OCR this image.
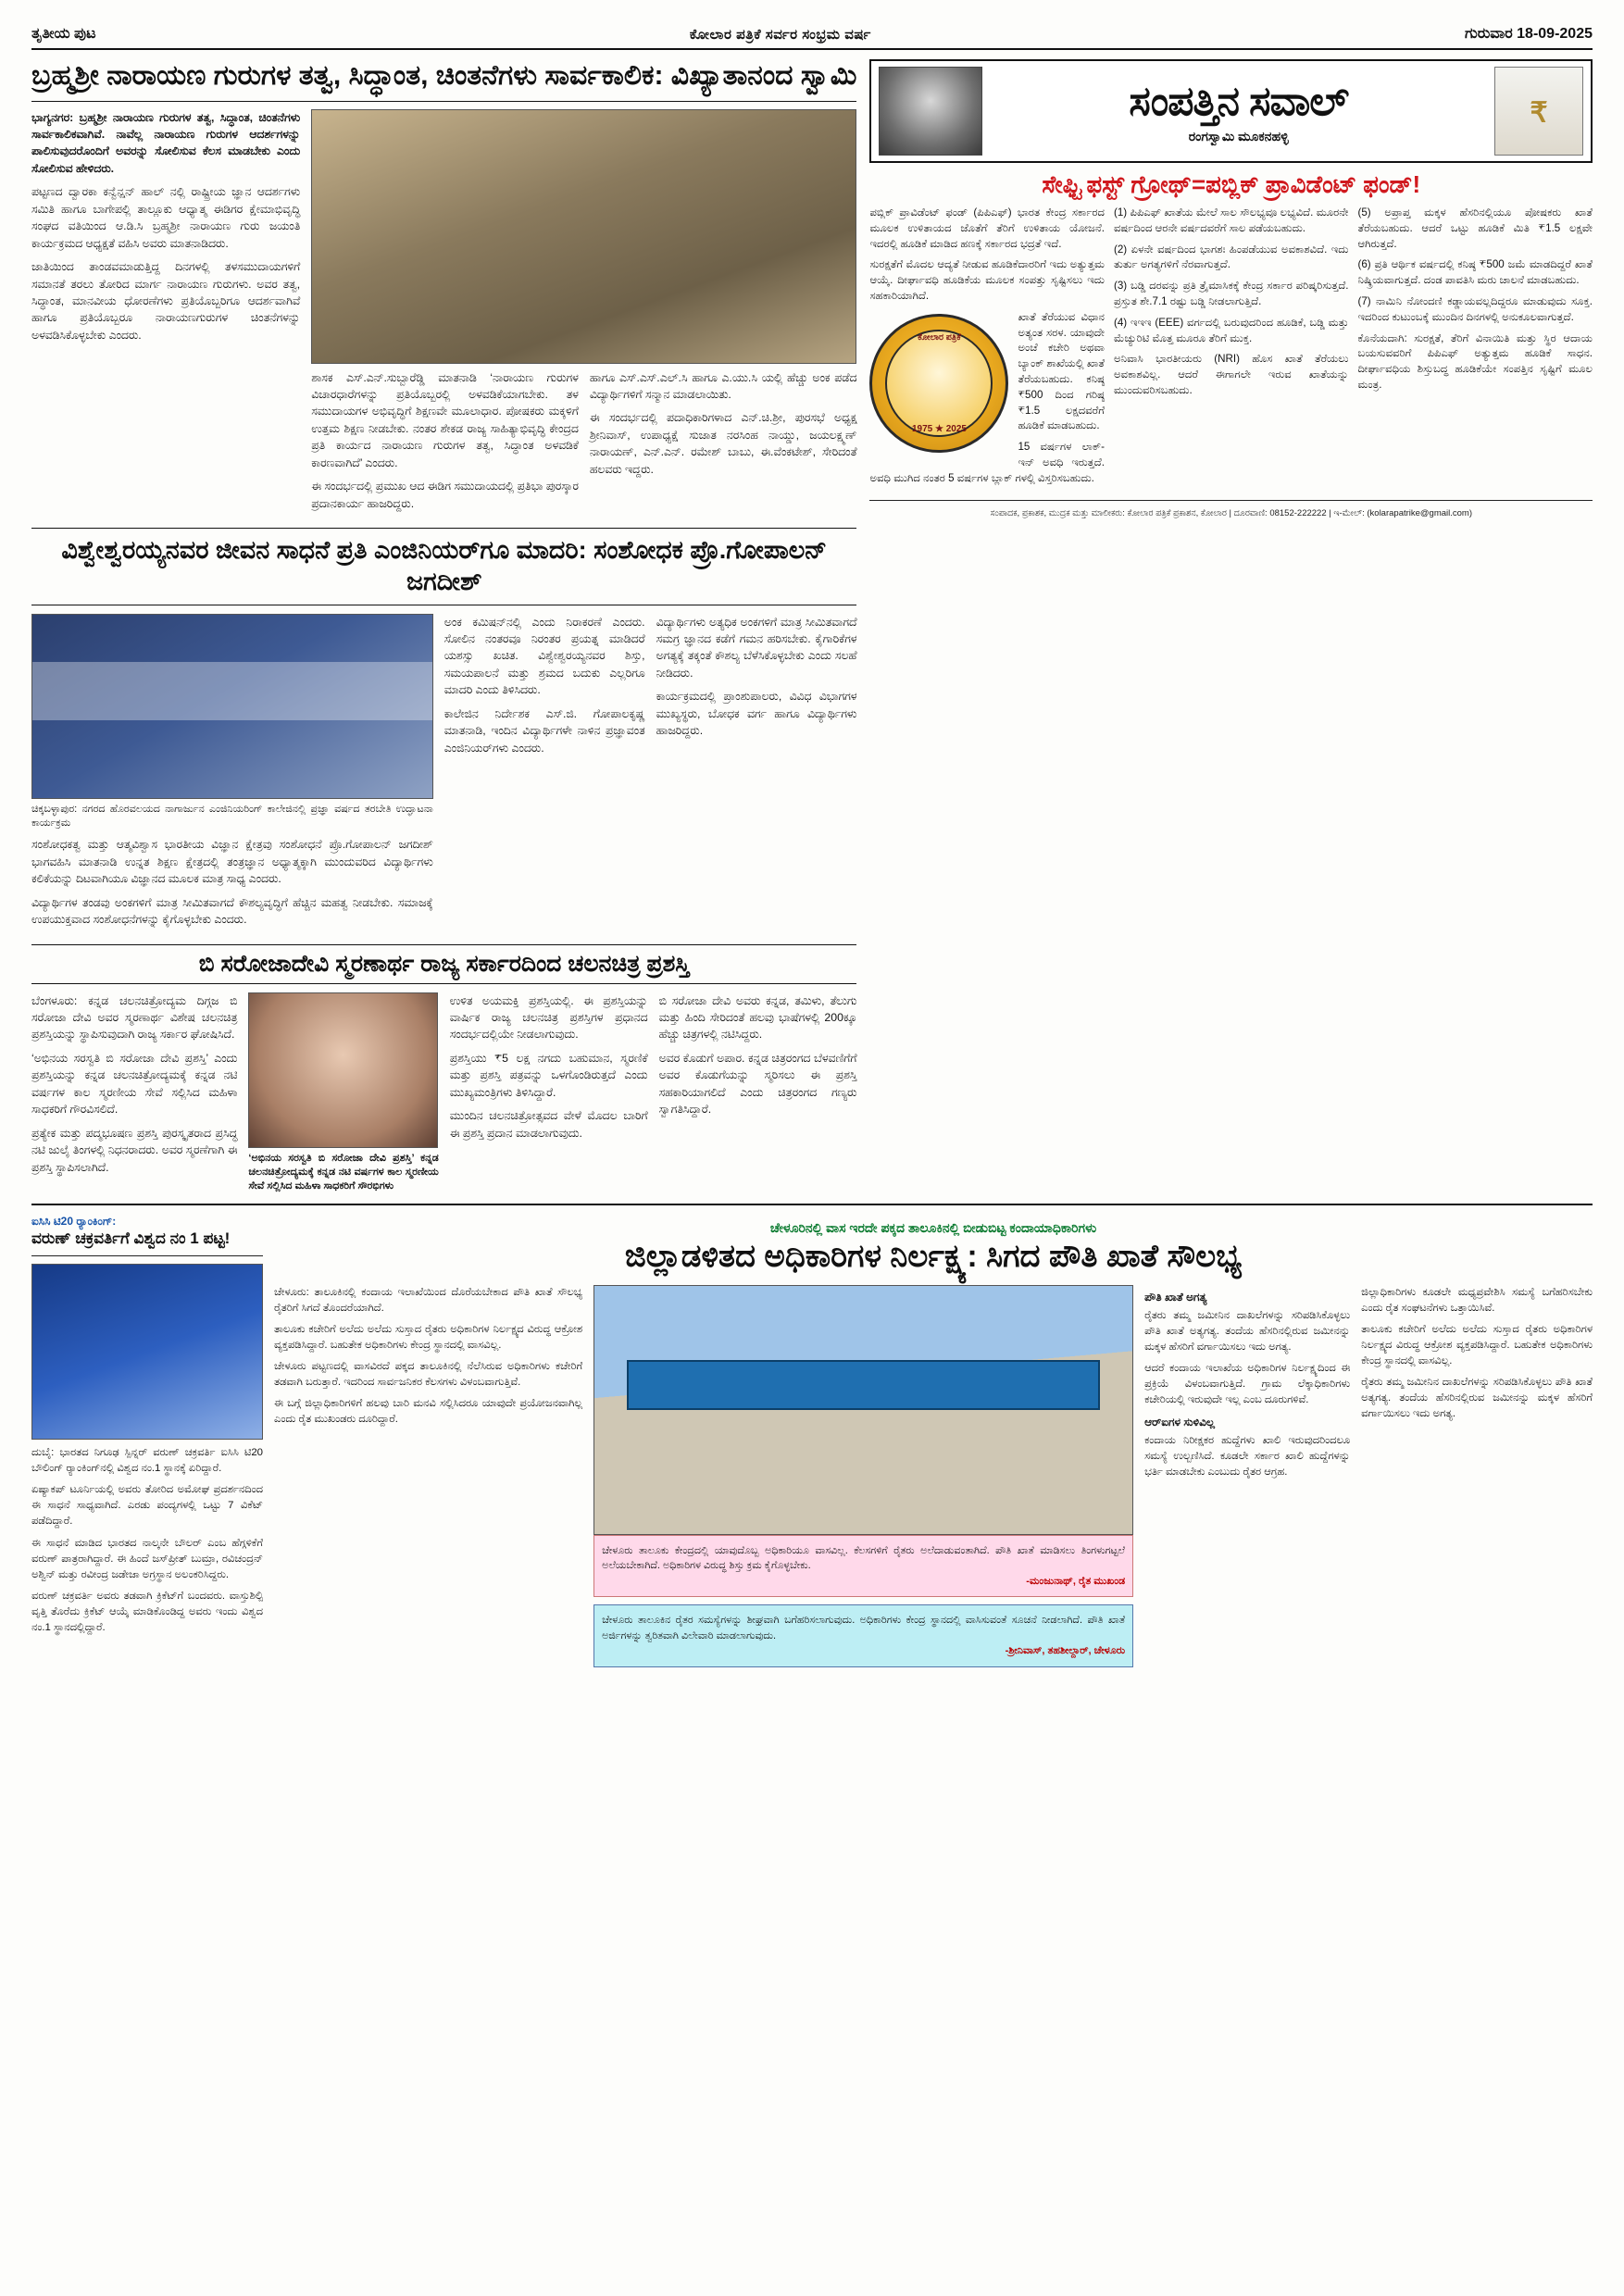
ತೃತೀಯ ಪುಟ	ಕೋಲಾರ ಪತ್ರಿಕೆ ಸರ್ವರ ಸಂಭ್ರಮ ವರ್ಷ	ಗುರುವಾರ 18-09-2025
ಬ್ರಹ್ಮಶ್ರೀ ನಾರಾಯಣ ಗುರುಗಳ ತತ್ವ, ಸಿದ್ಧಾಂತ, ಚಿಂತನೆಗಳು ಸಾರ್ವಕಾಲಿಕ: ವಿಖ್ಯಾತಾನಂದ ಸ್ವಾಮಿ

ಭಾಗ್ಯನಗರ: ಬ್ರಹ್ಮಶ್ರೀ ನಾರಾಯಣ ಗುರುಗಳ ತತ್ವ, ಸಿದ್ಧಾಂತ, ಚಿಂತನೆಗಳು ಸಾರ್ವಕಾಲಿಕವಾಗಿವೆ. ನಾವೆಲ್ಲ ನಾರಾಯಣ ಗುರುಗಳ ಆದರ್ಶಗಳನ್ನು ಪಾಲಿಸುವುದರೊಂದಿಗೆ ಅವರನ್ನು ಸೋಲಿಸುವ ಕೆಲಸ ಮಾಡಬೇಕು ಎಂದು ಸೋಲಿಸುವ ಹೇಳಿದರು.

ಪಟ್ಟಣದ ದ್ವಾರಕಾ ಕನ್ವೆನ್ಷನ್ ಹಾಲ್ ನಲ್ಲಿ ರಾಷ್ಟ್ರೀಯ ಜ್ಞಾನ ಆದರ್ಶಗಳು ಸಮಿತಿ ಹಾಗೂ ಬಾಗೇಪಲ್ಲಿ ತಾಲ್ಲೂಕು ಆಧ್ಯಾತ್ಮ ಈಡಿಗರ ಕ್ಷೇಮಾಭಿವೃದ್ಧಿ ಸಂಘದ ವತಿಯಿಂದ ಆ.ಡಿ.ಸಿ ಬ್ರಹ್ಮಶ್ರೀ ನಾರಾಯಣ ಗುರು ಜಯಂತಿ ಕಾರ್ಯಕ್ರಮದ ಆಧ್ಯಕ್ಷತೆ ವಹಿಸಿ ಅವರು ಮಾತನಾಡಿದರು.

ಜಾತಿಯಿಂದ ತಾಂಡವಮಾಡುತ್ತಿದ್ದ ದಿನಗಳಲ್ಲಿ ತಳಸಮುದಾಯಗಳಿಗೆ ಸಮಾನತೆ ತರಲು ತೋರಿದ ಮಾರ್ಗ ನಾರಾಯಣ ಗುರುಗಳು. ಅವರ ತತ್ವ, ಸಿದ್ಧಾಂತ, ಮಾನವೀಯ ಧೋರಣೆಗಳು ಪ್ರತಿಯೊಬ್ಬರಿಗೂ ಆದರ್ಶವಾಗಿವೆ ಹಾಗೂ ಪ್ರತಿಯೊಬ್ಬರೂ ನಾರಾಯಣಗುರುಗಳ ಚಿಂತನೆಗಳನ್ನು ಅಳವಡಿಸಿಕೊಳ್ಳಬೇಕು ಎಂದರು.

ಶಾಸಕ ಎಸ್.ಎನ್.ಸುಬ್ಬಾರೆಡ್ಡಿ ಮಾತನಾಡಿ ‘ನಾರಾಯಣ ಗುರುಗಳ ವಿಚಾರಧಾರೆಗಳನ್ನು ಪ್ರತಿಯೊಬ್ಬರಲ್ಲಿ ಅಳವಡಿಕೆಯಾಗಬೇಕು. ತಳ ಸಮುದಾಯಗಳ ಅಭಿವೃದ್ಧಿಗೆ ಶಿಕ್ಷಣವೇ ಮೂಲಾಧಾರ. ಪೋಷಕರು ಮಕ್ಕಳಿಗೆ ಉತ್ತಮ ಶಿಕ್ಷಣ ನೀಡಬೇಕು. ನಂತರ ಶೇಕಡ ರಾಜ್ಯ ಸಾಹಿತ್ಯಾಭಿವೃದ್ಧಿ ಕೇಂದ್ರದ ಪ್ರತಿ ಕಾರ್ಯದ ನಾರಾಯಣ ಗುರುಗಳ ತತ್ವ, ಸಿದ್ಧಾಂತ ಅಳವಡಿಕೆ ಕಾರಣವಾಗಿದೆ’ ಎಂದರು.

ಈ ಸಂದರ್ಭದಲ್ಲಿ ಪ್ರಮುಖ ಆದ ಈಡಿಗ ಸಮುದಾಯದಲ್ಲಿ ಪ್ರತಿಭಾ ಪುರಸ್ಕಾರ ಪ್ರದಾನಕಾರ್ಯ ಹಾಜರಿದ್ದರು.

ಹಾಗೂ ಎಸ್.ಎಸ್.ಎಲ್.ಸಿ ಹಾಗೂ ಎ.ಯು.ಸಿ ಯಲ್ಲಿ ಹೆಚ್ಚು ಅಂಕ ಪಡೆದ ವಿದ್ಯಾರ್ಥಿಗಳಿಗೆ ಸನ್ಮಾನ ಮಾಡಲಾಯಿತು.

ಈ ಸಂದರ್ಭದಲ್ಲಿ ಪದಾಧಿಕಾರಿಗಳಾದ ಎನ್.ಚಿ.ಶ್ರೀ, ಪುರಸಭೆ ಅಧ್ಯಕ್ಷ ಶ್ರೀನಿವಾಸ್, ಉಪಾಧ್ಯಕ್ಷೆ ಸುಜಾತ ನರಸಿಂಹ ನಾಯ್ಡು, ಜಯಲಕ್ಷ್ಮಣ್ ನಾರಾಯಣ್, ಎನ್.ಎನ್. ರಮೇಶ್ ಬಾಬು, ಈ.ವೆಂಕಟೇಶ್, ಸೇರಿದಂತೆ ಹಲವರು ಇದ್ದರು.

ವಿಶ್ವೇಶ್ವರಯ್ಯನವರ ಜೀವನ ಸಾಧನೆ ಪ್ರತಿ ಎಂಜಿನಿಯರ್‌ಗೂ ಮಾದರಿ: ಸಂಶೋಧಕ ಪ್ರೊ.ಗೋಪಾಲನ್ ಜಗದೀಶ್
ಚಿಕ್ಕಬಳ್ಳಾಪುರ: ನಗರದ ಹೊರವಲಯದ ನಾಗಾರ್ಜುನ ಎಂಜಿನಿಯರಿಂಗ್ ಕಾಲೇಜಿನಲ್ಲಿ ಪ್ರಜ್ಞಾ ವರ್ಷದ ತರಬೇತಿ ಉದ್ಘಾಟನಾ ಕಾರ್ಯಕ್ರಮ

ಸಂಶೋಧಕತ್ವ ಮತ್ತು ಆತ್ಮವಿಶ್ವಾಸ ಭಾರತೀಯ ವಿಜ್ಞಾನ ಕ್ಷೇತ್ರವು ಸಂಶೋಧನೆ ಪ್ರೊ.ಗೋಪಾಲನ್ ಜಗದೀಶ್ ಭಾಗವಹಿಸಿ ಮಾತನಾಡಿ ಉನ್ನತ ಶಿಕ್ಷಣ ಕ್ಷೇತ್ರದಲ್ಲಿ ತಂತ್ರಜ್ಞಾನ ಅಧ್ಯಾತ್ಮಕ್ಕಾಗಿ ಮುಂದುವರಿದ ವಿದ್ಯಾರ್ಥಿಗಳು ಕಲಿಕೆಯನ್ನು ದಿಟವಾಗಿಯೂ ವಿಜ್ಞಾನದ ಮೂಲಕ ಮಾತ್ರ ಸಾಧ್ಯ ಎಂದರು.

ವಿದ್ಯಾರ್ಥಿಗಳ ತಂಡವು ಅಂಕಗಳಿಗೆ ಮಾತ್ರ ಸೀಮಿತವಾಗದೆ ಕೌಶಲ್ಯವೃದ್ಧಿಗೆ ಹೆಚ್ಚಿನ ಮಹತ್ವ ನೀಡಬೇಕು. ಸಮಾಜಕ್ಕೆ ಉಪಯುಕ್ತವಾದ ಸಂಶೋಧನೆಗಳನ್ನು ಕೈಗೊಳ್ಳಬೇಕು ಎಂದರು.

ಅಂಕ ಕಮಿಷನ್‌ನಲ್ಲಿ ಎಂದು ನಿರಾಕರಣೆ ಎಂದರು. ಸೋಲಿನ ನಂತರವೂ ನಿರಂತರ ಪ್ರಯತ್ನ ಮಾಡಿದರೆ ಯಶಸ್ಸು ಖಚಿತ. ವಿಶ್ವೇಶ್ವರಯ್ಯನವರ ಶಿಸ್ತು, ಸಮಯಪಾಲನೆ ಮತ್ತು ಶ್ರಮದ ಬದುಕು ಎಲ್ಲರಿಗೂ ಮಾದರಿ ಎಂದು ತಿಳಿಸಿದರು.

ಕಾಲೇಜಿನ ನಿರ್ದೇಶಕ ಎಸ್.ಜಿ. ಗೋಪಾಲಕೃಷ್ಣ ಮಾತನಾಡಿ, ಇಂದಿನ ವಿದ್ಯಾರ್ಥಿಗಳೇ ನಾಳಿನ ಪ್ರಜ್ಞಾವಂತ ಎಂಜಿನಿಯರ್‌ಗಳು ಎಂದರು.

ವಿದ್ಯಾರ್ಥಿಗಳು ಅತ್ಯಧಿಕ ಅಂಕಗಳಿಗೆ ಮಾತ್ರ ಸೀಮಿತವಾಗದೆ ಸಮಗ್ರ ಜ್ಞಾನದ ಕಡೆಗೆ ಗಮನ ಹರಿಸಬೇಕು. ಕೈಗಾರಿಕೆಗಳ ಅಗತ್ಯಕ್ಕೆ ತಕ್ಕಂತೆ ಕೌಶಲ್ಯ ಬೆಳೆಸಿಕೊಳ್ಳಬೇಕು ಎಂದು ಸಲಹೆ ನೀಡಿದರು.

ಕಾರ್ಯಕ್ರಮದಲ್ಲಿ ಪ್ರಾಂಶುಪಾಲರು, ವಿವಿಧ ವಿಭಾಗಗಳ ಮುಖ್ಯಸ್ಥರು, ಬೋಧಕ ವರ್ಗ ಹಾಗೂ ವಿದ್ಯಾರ್ಥಿಗಳು ಹಾಜರಿದ್ದರು.

ಬಿ ಸರೋಜಾದೇವಿ ಸ್ಮರಣಾರ್ಥ ರಾಜ್ಯ ಸರ್ಕಾರದಿಂದ ಚಲನಚಿತ್ರ ಪ್ರಶಸ್ತಿ

ಬೆಂಗಳೂರು: ಕನ್ನಡ ಚಲನಚಿತ್ರೋದ್ಯಮ ದಿಗ್ಗಜ ಬಿ ಸರೋಜಾ ದೇವಿ ಅವರ ಸ್ಮರಣಾರ್ಥ ವಿಶೇಷ ಚಲನಚಿತ್ರ ಪ್ರಶಸ್ತಿಯನ್ನು ಸ್ಥಾಪಿಸುವುದಾಗಿ ರಾಜ್ಯ ಸರ್ಕಾರ ಘೋಷಿಸಿದೆ.

‘ಅಭಿನಯ ಸರಸ್ವತಿ ಬಿ ಸರೋಜಾ ದೇವಿ ಪ್ರಶಸ್ತಿ’ ಎಂದು ಪ್ರಶಸ್ತಿಯನ್ನು ಕನ್ನಡ ಚಲನಚಿತ್ರೋದ್ಯಮಕ್ಕೆ ಕನ್ನಡ ನಟಿ ವರ್ಷಗಳ ಕಾಲ ಸ್ಮರಣೀಯ ಸೇವೆ ಸಲ್ಲಿಸಿದ ಮಹಿಳಾ ಸಾಧಕರಿಗೆ ಗೌರವಿಸಲಿದೆ.

ಪ್ರತ್ಯೇಕ ಮತ್ತು ಪದ್ಮಭೂಷಣ ಪ್ರಶಸ್ತಿ ಪುರಸ್ಕೃತರಾದ ಪ್ರಸಿದ್ಧ ನಟಿ ಜುಲೈ ತಿಂಗಳಲ್ಲಿ ನಿಧನರಾದರು. ಅವರ ಸ್ಮರಣೆಗಾಗಿ ಈ ಪ್ರಶಸ್ತಿ ಸ್ಥಾಪಿಸಲಾಗಿದೆ.

‘ಅಭಿನಯ ಸರಸ್ವತಿ ಬಿ ಸರೋಜಾ ದೇವಿ ಪ್ರಶಸ್ತಿ’ ಕನ್ನಡ ಚಲನಚಿತ್ರೋದ್ಯಮಕ್ಕೆ ಕನ್ನಡ ನಟಿ ವರ್ಷಗಳ ಕಾಲ ಸ್ಮರಣೀಯ ಸೇವೆ ಸಲ್ಲಿಸಿದ ಮಹಿಳಾ ಸಾಧಕರಿಗೆ ಸೌರಭಿಗಳು

ಉಳಿತ ಅಯಮಕ್ತಿ ಪ್ರಶಸ್ತಿಯಲ್ಲಿ. ಈ ಪ್ರಶಸ್ತಿಯನ್ನು ವಾರ್ಷಿಕ ರಾಜ್ಯ ಚಲನಚಿತ್ರ ಪ್ರಶಸ್ತಿಗಳ ಪ್ರಧಾನದ ಸಂದರ್ಭದಲ್ಲಿಯೇ ನೀಡಲಾಗುವುದು.

ಪ್ರಶಸ್ತಿಯು ₹5 ಲಕ್ಷ ನಗದು ಬಹುಮಾನ, ಸ್ಮರಣಿಕೆ ಮತ್ತು ಪ್ರಶಸ್ತಿ ಪತ್ರವನ್ನು ಒಳಗೊಂಡಿರುತ್ತದೆ ಎಂದು ಮುಖ್ಯಮಂತ್ರಿಗಳು ತಿಳಿಸಿದ್ದಾರೆ.

ಮುಂದಿನ ಚಲನಚಿತ್ರೋತ್ಸವದ ವೇಳೆ ಮೊದಲ ಬಾರಿಗೆ ಈ ಪ್ರಶಸ್ತಿ ಪ್ರದಾನ ಮಾಡಲಾಗುವುದು.

ಬಿ ಸರೋಜಾ ದೇವಿ ಅವರು ಕನ್ನಡ, ತಮಿಳು, ತೆಲುಗು ಮತ್ತು ಹಿಂದಿ ಸೇರಿದಂತೆ ಹಲವು ಭಾಷೆಗಳಲ್ಲಿ 200ಕ್ಕೂ ಹೆಚ್ಚು ಚಿತ್ರಗಳಲ್ಲಿ ನಟಿಸಿದ್ದರು.

ಅವರ ಕೊಡುಗೆ ಅಪಾರ. ಕನ್ನಡ ಚಿತ್ರರಂಗದ ಬೆಳವಣಿಗೆಗೆ ಅವರ ಕೊಡುಗೆಯನ್ನು ಸ್ಮರಿಸಲು ಈ ಪ್ರಶಸ್ತಿ ಸಹಕಾರಿಯಾಗಲಿದೆ ಎಂದು ಚಿತ್ರರಂಗದ ಗಣ್ಯರು ಸ್ವಾಗತಿಸಿದ್ದಾರೆ.

ಸಂಪತ್ತಿನ ಸವಾಲ್
ರಂಗಸ್ವಾಮಿ ಮೂಕನಹಳ್ಳಿ
₹
ಸೇಫ್ಟಿ ಫಸ್ಟ್ ಗ್ರೋಥ್=ಪಬ್ಲಿಕ್ ಪ್ರಾವಿಡೆಂಟ್ ಫಂಡ್!

ಪಬ್ಲಿಕ್ ಪ್ರಾವಿಡೆಂಟ್ ಫಂಡ್ (ಪಿಪಿಎಫ್) ಭಾರತ ಕೇಂದ್ರ ಸರ್ಕಾರದ ಮೂಲಕ ಉಳಿತಾಯದ ಜೊತೆಗೆ ತೆರಿಗೆ ಉಳಿತಾಯ ಯೋಜನೆ. ಇದರಲ್ಲಿ ಹೂಡಿಕೆ ಮಾಡಿದ ಹಣಕ್ಕೆ ಸರ್ಕಾರದ ಭದ್ರತೆ ಇದೆ.

ಸುರಕ್ಷತೆಗೆ ಮೊದಲ ಆದ್ಯತೆ ನೀಡುವ ಹೂಡಿಕೆದಾರರಿಗೆ ಇದು ಅತ್ಯುತ್ತಮ ಆಯ್ಕೆ. ದೀರ್ಘಾವಧಿ ಹೂಡಿಕೆಯ ಮೂಲಕ ಸಂಪತ್ತು ಸೃಷ್ಟಿಸಲು ಇದು ಸಹಕಾರಿಯಾಗಿದೆ.

ಕೋಲಾರ ಪತ್ರಿಕೆ
1975 ★ 2025

ಖಾತೆ ತೆರೆಯುವ ವಿಧಾನ ಅತ್ಯಂತ ಸರಳ. ಯಾವುದೇ ಅಂಚೆ ಕಚೇರಿ ಅಥವಾ ಬ್ಯಾಂಕ್ ಶಾಖೆಯಲ್ಲಿ ಖಾತೆ ತೆರೆಯಬಹುದು. ಕನಿಷ್ಠ ₹500 ದಿಂದ ಗರಿಷ್ಠ ₹1.5 ಲಕ್ಷದವರೆಗೆ ಹೂಡಿಕೆ ಮಾಡಬಹುದು.

15 ವರ್ಷಗಳ ಲಾಕ್-ಇನ್ ಅವಧಿ ಇರುತ್ತದೆ. ಅವಧಿ ಮುಗಿದ ನಂತರ 5 ವರ್ಷಗಳ ಬ್ಲಾಕ್ ಗಳಲ್ಲಿ ವಿಸ್ತರಿಸಬಹುದು.

(1) ಪಿಪಿಎಫ್ ಖಾತೆಯ ಮೇಲೆ ಸಾಲ ಸೌಲಭ್ಯವೂ ಲಭ್ಯವಿದೆ. ಮೂರನೇ ವರ್ಷದಿಂದ ಆರನೇ ವರ್ಷದವರೆಗೆ ಸಾಲ ಪಡೆಯಬಹುದು.

(2) ಏಳನೇ ವರ್ಷದಿಂದ ಭಾಗಶಃ ಹಿಂಪಡೆಯುವ ಅವಕಾಶವಿದೆ. ಇದು ತುರ್ತು ಅಗತ್ಯಗಳಿಗೆ ನೆರವಾಗುತ್ತದೆ.

(3) ಬಡ್ಡಿ ದರವನ್ನು ಪ್ರತಿ ತ್ರೈಮಾಸಿಕಕ್ಕೆ ಕೇಂದ್ರ ಸರ್ಕಾರ ಪರಿಷ್ಕರಿಸುತ್ತದೆ. ಪ್ರಸ್ತುತ ಶೇ.7.1 ರಷ್ಟು ಬಡ್ಡಿ ನೀಡಲಾಗುತ್ತಿದೆ.

(4) ಇಇಇ (EEE) ವರ್ಗದಲ್ಲಿ ಬರುವುದರಿಂದ ಹೂಡಿಕೆ, ಬಡ್ಡಿ ಮತ್ತು ಮೆಚ್ಯುರಿಟಿ ಮೊತ್ತ ಮೂರೂ ತೆರಿಗೆ ಮುಕ್ತ.

ಅನಿವಾಸಿ ಭಾರತೀಯರು (NRI) ಹೊಸ ಖಾತೆ ತೆರೆಯಲು ಅವಕಾಶವಿಲ್ಲ. ಆದರೆ ಈಗಾಗಲೇ ಇರುವ ಖಾತೆಯನ್ನು ಮುಂದುವರಿಸಬಹುದು.

(5) ಅಪ್ರಾಪ್ತ ಮಕ್ಕಳ ಹೆಸರಿನಲ್ಲಿಯೂ ಪೋಷಕರು ಖಾತೆ ತೆರೆಯಬಹುದು. ಆದರೆ ಒಟ್ಟು ಹೂಡಿಕೆ ಮಿತಿ ₹1.5 ಲಕ್ಷವೇ ಆಗಿರುತ್ತದೆ.

(6) ಪ್ರತಿ ಆರ್ಥಿಕ ವರ್ಷದಲ್ಲಿ ಕನಿಷ್ಠ ₹500 ಜಮೆ ಮಾಡದಿದ್ದರೆ ಖಾತೆ ನಿಷ್ಕ್ರಿಯವಾಗುತ್ತದೆ. ದಂಡ ಪಾವತಿಸಿ ಮರು ಚಾಲನೆ ಮಾಡಬಹುದು.

(7) ನಾಮಿನಿ ನೋಂದಣಿ ಕಡ್ಡಾಯವಲ್ಲದಿದ್ದರೂ ಮಾಡುವುದು ಸೂಕ್ತ. ಇದರಿಂದ ಕುಟುಂಬಕ್ಕೆ ಮುಂದಿನ ದಿನಗಳಲ್ಲಿ ಅನುಕೂಲವಾಗುತ್ತದೆ.

ಕೊನೆಯದಾಗಿ: ಸುರಕ್ಷತೆ, ತೆರಿಗೆ ವಿನಾಯಿತಿ ಮತ್ತು ಸ್ಥಿರ ಆದಾಯ ಬಯಸುವವರಿಗೆ ಪಿಪಿಎಫ್ ಅತ್ಯುತ್ತಮ ಹೂಡಿಕೆ ಸಾಧನ. ದೀರ್ಘಾವಧಿಯ ಶಿಸ್ತುಬದ್ಧ ಹೂಡಿಕೆಯೇ ಸಂಪತ್ತಿನ ಸೃಷ್ಟಿಗೆ ಮೂಲ ಮಂತ್ರ.

ಸಂಪಾದಕ, ಪ್ರಕಾಶಕ, ಮುದ್ರಕ ಮತ್ತು ಮಾಲೀಕರು: ಕೋಲಾರ ಪತ್ರಿಕೆ ಪ್ರಕಾಶನ, ಕೋಲಾರ | ದೂರವಾಣಿ: 08152-222222 | ಇ-ಮೇಲ್: (kolarapatrike@gmail.com)
ಐಸಿಸಿ ಟಿ20 ರ‍್ಯಾಂಕಿಂಗ್:
ವರುಣ್ ಚಕ್ರವರ್ತಿಗೆ ವಿಶ್ವದ ನಂ 1 ಪಟ್ಟ!

ದುಬೈ: ಭಾರತದ ನಿಗೂಢ ಸ್ಪಿನ್ನರ್ ವರುಣ್ ಚಕ್ರವರ್ತಿ ಐಸಿಸಿ ಟಿ20 ಬೌಲಿಂಗ್ ರ‍್ಯಾಂಕಿಂಗ್‌ನಲ್ಲಿ ವಿಶ್ವದ ನಂ.1 ಸ್ಥಾನಕ್ಕೆ ಏರಿದ್ದಾರೆ.

ಏಷ್ಯಾಕಪ್ ಟೂರ್ನಿಯಲ್ಲಿ ಅವರು ತೋರಿದ ಅಮೋಘ ಪ್ರದರ್ಶನದಿಂದ ಈ ಸಾಧನೆ ಸಾಧ್ಯವಾಗಿದೆ. ಎರಡು ಪಂದ್ಯಗಳಲ್ಲಿ ಒಟ್ಟು 7 ವಿಕೆಟ್ ಪಡೆದಿದ್ದಾರೆ.

ಈ ಸಾಧನೆ ಮಾಡಿದ ಭಾರತದ ನಾಲ್ಕನೇ ಬೌಲರ್ ಎಂಬ ಹೆಗ್ಗಳಿಕೆಗೆ ವರುಣ್ ಪಾತ್ರರಾಗಿದ್ದಾರೆ. ಈ ಹಿಂದೆ ಜಸ್‌ಪ್ರೀತ್ ಬುಮ್ರಾ, ರವಿಚಂದ್ರನ್ ಅಶ್ವಿನ್ ಮತ್ತು ರವೀಂದ್ರ ಜಡೇಜಾ ಅಗ್ರಸ್ಥಾನ ಅಲಂಕರಿಸಿದ್ದರು.

ವರುಣ್ ಚಕ್ರವರ್ತಿ ಅವರು ತಡವಾಗಿ ಕ್ರಿಕೆಟ್‌ಗೆ ಬಂದವರು. ವಾಸ್ತುಶಿಲ್ಪಿ ವೃತ್ತಿ ತೊರೆದು ಕ್ರಿಕೆಟ್ ಆಯ್ಕೆ ಮಾಡಿಕೊಂಡಿದ್ದ ಅವರು ಇಂದು ವಿಶ್ವದ ನಂ.1 ಸ್ಥಾನದಲ್ಲಿದ್ದಾರೆ.

ಚೇಳೂರಿನಲ್ಲಿ ವಾಸ ಇರದೇ ಪಕ್ಕದ ತಾಲೂಕಿನಲ್ಲಿ ಬೀಡುಬಿಟ್ಟ ಕಂದಾಯಾಧಿಕಾರಿಗಳು
ಜಿಲ್ಲಾಡಳಿತದ ಅಧಿಕಾರಿಗಳ ನಿರ್ಲಕ್ಷ್ಯ: ಸಿಗದ ಪೌತಿ ಖಾತೆ ಸೌಲಭ್ಯ

ಚೇಳೂರು: ತಾಲೂಕಿನಲ್ಲಿ ಕಂದಾಯ ಇಲಾಖೆಯಿಂದ ದೊರೆಯಬೇಕಾದ ಪೌತಿ ಖಾತೆ ಸೌಲಭ್ಯ ರೈತರಿಗೆ ಸಿಗದೆ ತೊಂದರೆಯಾಗಿದೆ.

ತಾಲೂಕು ಕಚೇರಿಗೆ ಅಲೆದು ಅಲೆದು ಸುಸ್ತಾದ ರೈತರು ಅಧಿಕಾರಿಗಳ ನಿರ್ಲಕ್ಷ್ಯದ ವಿರುದ್ಧ ಆಕ್ರೋಶ ವ್ಯಕ್ತಪಡಿಸಿದ್ದಾರೆ. ಬಹುತೇಕ ಅಧಿಕಾರಿಗಳು ಕೇಂದ್ರ ಸ್ಥಾನದಲ್ಲಿ ವಾಸವಿಲ್ಲ.

ಚೇಳೂರು ಪಟ್ಟಣದಲ್ಲಿ ವಾಸವಿರದೆ ಪಕ್ಕದ ತಾಲೂಕಿನಲ್ಲಿ ನೆಲೆಸಿರುವ ಅಧಿಕಾರಿಗಳು ಕಚೇರಿಗೆ ತಡವಾಗಿ ಬರುತ್ತಾರೆ. ಇದರಿಂದ ಸಾರ್ವಜನಿಕರ ಕೆಲಸಗಳು ವಿಳಂಬವಾಗುತ್ತಿವೆ.

ಈ ಬಗ್ಗೆ ಜಿಲ್ಲಾಧಿಕಾರಿಗಳಿಗೆ ಹಲವು ಬಾರಿ ಮನವಿ ಸಲ್ಲಿಸಿದರೂ ಯಾವುದೇ ಪ್ರಯೋಜನವಾಗಿಲ್ಲ ಎಂದು ರೈತ ಮುಖಂಡರು ದೂರಿದ್ದಾರೆ.

ಚೇಳೂರು ತಾಲೂಕು ಕೇಂದ್ರದಲ್ಲಿ ಯಾವುದೊಬ್ಬ ಅಧಿಕಾರಿಯೂ ವಾಸವಿಲ್ಲ. ಕೆಲಸಗಳಿಗೆ ರೈತರು ಅಲೆದಾಡುವಂತಾಗಿದೆ. ಪೌತಿ ಖಾತೆ ಮಾಡಿಸಲು ತಿಂಗಳುಗಟ್ಟಲೆ ಅಲೆಯಬೇಕಾಗಿದೆ. ಅಧಿಕಾರಿಗಳ ವಿರುದ್ಧ ಶಿಸ್ತು ಕ್ರಮ ಕೈಗೊಳ್ಳಬೇಕು.
-ಮಂಜುನಾಥ್, ರೈತ ಮುಖಂಡ
ಚೇಳೂರು ತಾಲೂಕಿನ ರೈತರ ಸಮಸ್ಯೆಗಳನ್ನು ಶೀಘ್ರವಾಗಿ ಬಗೆಹರಿಸಲಾಗುವುದು. ಅಧಿಕಾರಿಗಳು ಕೇಂದ್ರ ಸ್ಥಾನದಲ್ಲಿ ವಾಸಿಸುವಂತೆ ಸೂಚನೆ ನೀಡಲಾಗಿದೆ. ಪೌತಿ ಖಾತೆ ಅರ್ಜಿಗಳನ್ನು ತ್ವರಿತವಾಗಿ ವಿಲೇವಾರಿ ಮಾಡಲಾಗುವುದು.
-ಶ್ರೀನಿವಾಸ್, ತಹಶೀಲ್ದಾರ್, ಚೇಳೂರು
ಪೌತಿ ಖಾತೆ ಅಗತ್ಯ

ರೈತರು ತಮ್ಮ ಜಮೀನಿನ ದಾಖಲೆಗಳನ್ನು ಸರಿಪಡಿಸಿಕೊಳ್ಳಲು ಪೌತಿ ಖಾತೆ ಅತ್ಯಗತ್ಯ. ತಂದೆಯ ಹೆಸರಿನಲ್ಲಿರುವ ಜಮೀನನ್ನು ಮಕ್ಕಳ ಹೆಸರಿಗೆ ವರ್ಗಾಯಿಸಲು ಇದು ಅಗತ್ಯ.

ಆದರೆ ಕಂದಾಯ ಇಲಾಖೆಯ ಅಧಿಕಾರಿಗಳ ನಿರ್ಲಕ್ಷ್ಯದಿಂದ ಈ ಪ್ರಕ್ರಿಯೆ ವಿಳಂಬವಾಗುತ್ತಿದೆ. ಗ್ರಾಮ ಲೆಕ್ಕಾಧಿಕಾರಿಗಳು ಕಚೇರಿಯಲ್ಲಿ ಇರುವುದೇ ಇಲ್ಲ ಎಂಬ ದೂರುಗಳಿವೆ.

ಆರ್‌ಐಗಳ ಸುಳಿವಿಲ್ಲ

ಕಂದಾಯ ನಿರೀಕ್ಷಕರ ಹುದ್ದೆಗಳು ಖಾಲಿ ಇರುವುದರಿಂದಲೂ ಸಮಸ್ಯೆ ಉಲ್ಬಣಿಸಿದೆ. ಕೂಡಲೇ ಸರ್ಕಾರ ಖಾಲಿ ಹುದ್ದೆಗಳನ್ನು ಭರ್ತಿ ಮಾಡಬೇಕು ಎಂಬುದು ರೈತರ ಆಗ್ರಹ.

ಜಿಲ್ಲಾಧಿಕಾರಿಗಳು ಕೂಡಲೇ ಮಧ್ಯಪ್ರವೇಶಿಸಿ ಸಮಸ್ಯೆ ಬಗೆಹರಿಸಬೇಕು ಎಂದು ರೈತ ಸಂಘಟನೆಗಳು ಒತ್ತಾಯಿಸಿವೆ.

ತಾಲೂಕು ಕಚೇರಿಗೆ ಅಲೆದು ಅಲೆದು ಸುಸ್ತಾದ ರೈತರು ಅಧಿಕಾರಿಗಳ ನಿರ್ಲಕ್ಷ್ಯದ ವಿರುದ್ಧ ಆಕ್ರೋಶ ವ್ಯಕ್ತಪಡಿಸಿದ್ದಾರೆ. ಬಹುತೇಕ ಅಧಿಕಾರಿಗಳು ಕೇಂದ್ರ ಸ್ಥಾನದಲ್ಲಿ ವಾಸವಿಲ್ಲ.

ರೈತರು ತಮ್ಮ ಜಮೀನಿನ ದಾಖಲೆಗಳನ್ನು ಸರಿಪಡಿಸಿಕೊಳ್ಳಲು ಪೌತಿ ಖಾತೆ ಅತ್ಯಗತ್ಯ. ತಂದೆಯ ಹೆಸರಿನಲ್ಲಿರುವ ಜಮೀನನ್ನು ಮಕ್ಕಳ ಹೆಸರಿಗೆ ವರ್ಗಾಯಿಸಲು ಇದು ಅಗತ್ಯ.
